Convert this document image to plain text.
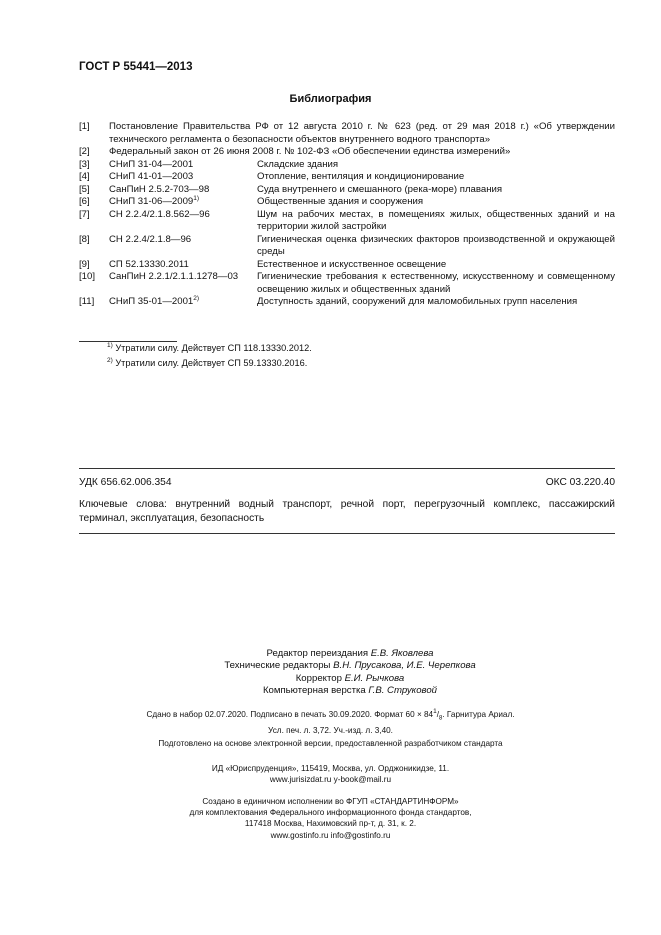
ГОСТ Р 55441—2013
Библиография
[1]	Постановление Правительства РФ от 12 августа 2010 г. № 623 (ред. от 29 мая 2018 г.) «Об утверждении технического регламента о безопасности объектов внутреннего водного транспорта»
[2]	Федеральный закон от 26 июня 2008 г. № 102-ФЗ «Об обеспечении единства измерений»
[3]	СНиП 31-04—2001	Складские здания
[4]	СНиП 41-01—2003	Отопление, вентиляция и кондиционирование
[5]	СанПиН 2.5.2-703—98	Суда внутреннего и смешанного (река-море) плавания
[6]	СНиП 31-06—2009$^{1)}$	Общественные здания и сооружения
[7]	СН 2.2.4/2.1.8.562—96	Шум на рабочих местах, в помещениях жилых, общественных зданий и на территории жилой застройки
[8]	СН 2.2.4/2.1.8—96	Гигиеническая оценка физических факторов производственной и окружающей среды
[9]	СП 52.13330.2011	Естественное и искусственное освещение
[10]	СанПиН 2.2.1/2.1.1.1278—03	Гигиенические требования к естественному, искусственному и совмещенному освещению жилых и общественных зданий
[11]	СНиП 35-01—2001$^{2)}$	Доступность зданий, сооружений для маломобильных групп населения
$^{1)}$ Утратили силу. Действует СП 118.13330.2012.
$^{2)}$ Утратили силу. Действует СП 59.13330.2016.
УДК 656.62.006.354	ОКС 03.220.40
Ключевые слова: внутренний водный транспорт, речной порт, перегрузочный комплекс, пассажирский терминал, эксплуатация, безопасность
Редактор переиздания Е.В. Яковлева
Технические редакторы В.Н. Прусакова, И.Е. Черепкова
Корректор Е.И. Рычкова
Компьютерная верстка Г.В. Струковой
Сдано в набор 02.07.2020. Подписано в печать 30.09.2020. Формат $60 \times 84^1/_8$. Гарнитура Ариал.
Усл. печ. л. 3,72. Уч.-изд. л. 3,40.
Подготовлено на основе электронной версии, предоставленной разработчиком стандарта
ИД «Юриспруденция», 115419, Москва, ул. Орджоникидзе, 11.
www.jurisizdat.ru y-book@mail.ru
Создано в единичном исполнении во ФГУП «СТАНДАРТИНФОРМ»
для комплектования Федерального информационного фонда стандартов,
117418 Москва, Нахимовский пр-т, д. 31, к. 2.
www.gostinfo.ru info@gostinfo.ru
